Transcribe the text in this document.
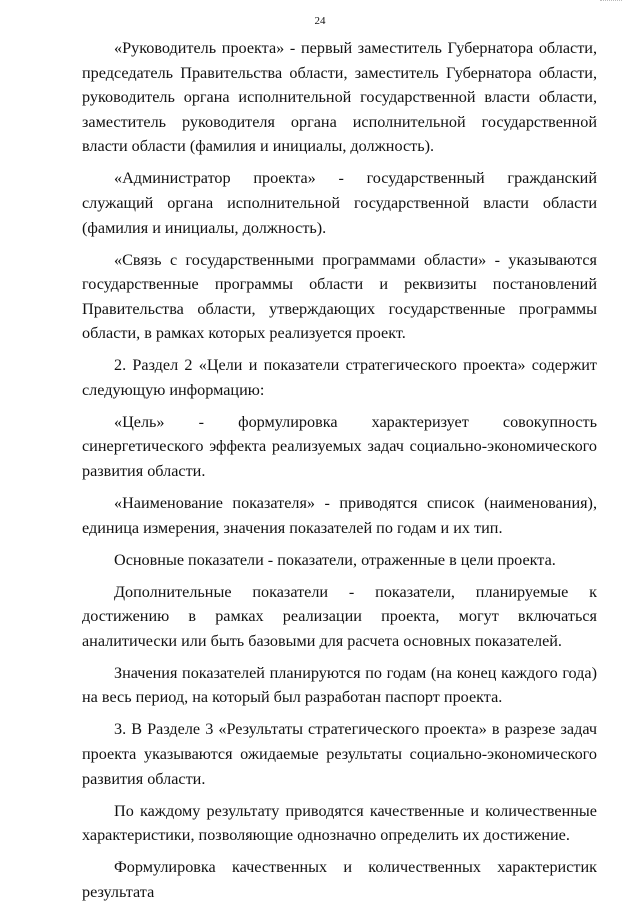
24

«Руководитель проекта» - первый заместитель Губернатора области, председатель Правительства области, заместитель Губернатора области, руководитель органа исполнительной государственной власти области, заместитель руководителя органа исполнительной государственной власти области (фамилия и инициалы, должность).

«Администратор проекта» - государственный гражданский служащий органа исполнительной государственной власти области (фамилия и инициалы, должность).

«Связь с государственными программами области» - указываются государственные программы области и реквизиты постановлений Правительства области, утверждающих государственные программы области, в рамках которых реализуется проект.

2. Раздел 2 «Цели и показатели стратегического проекта» содержит следующую информацию:

«Цель» - формулировка характеризует совокупность синергетического эффекта реализуемых задач социально-экономического развития области.

«Наименование показателя» - приводятся список (наименования), единица измерения, значения показателей по годам и их тип.

Основные показатели - показатели, отраженные в цели проекта.

Дополнительные показатели - показатели, планируемые к достижению в рамках реализации проекта, могут включаться аналитически или быть базовыми для расчета основных показателей.

Значения показателей планируются по годам (на конец каждого года) на весь период, на который был разработан паспорт проекта.

3. В Разделе 3 «Результаты стратегического проекта» в разрезе задач проекта указываются ожидаемые результаты социально-экономического развития области.

По каждому результату приводятся качественные и количественные характеристики, позволяющие однозначно определить их достижение.

Формулировка качественных и количественных характеристик результата
